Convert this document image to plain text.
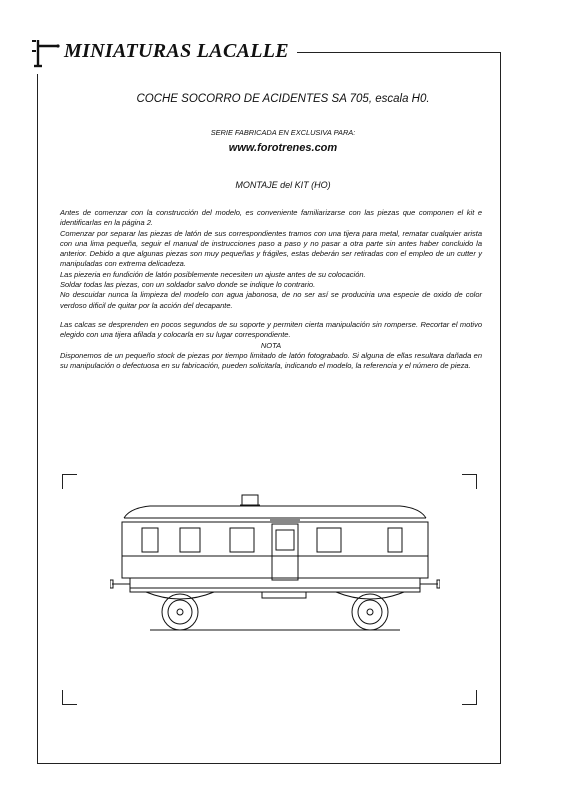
MINIATURAS LACALLE
COCHE SOCORRO DE ACIDENTES SA 705, escala H0.
SERIE FABRICADA EN EXCLUSIVA PARA:
www.forotrenes.com
MONTAJE del KIT (HO)

Antes de comenzar con la construcción del modelo, es conveniente familiarizarse con las piezas que componen el kit e identificarlas en la página 2.

Comenzar por separar las piezas de latón de sus correspondientes tramos con una tijera para metal, rematar cualquier arista con una lima pequeña, seguir el manual de instrucciones paso a paso y no pasar a otra parte sin antes haber concluido la anterior. Debido a que algunas piezas son muy pequeñas y frágiles, estas deberán ser retiradas con el empleo de un cutter y manipuladas con extrema delicadeza.

Las piezeria en fundición de latón posiblemente necesiten un ajuste antes de su colocación.

Soldar todas las piezas, con un soldador salvo donde se indique lo contrario.

No descuidar nunca la limpieza del modelo con agua jabonosa, de no ser así se produciria una especie de oxido de color verdoso dificil de quitar por la acción del decapante.

Las calcas se desprenden en pocos segundos de su soporte y permiten cierta manipulación sin romperse. Recortar el motivo elegido con una tijera afilada y colocarla en su lugar correspondiente.

NOTA

Disponemos de un pequeño stock de piezas por tiempo limitado de latón fotograbado. Si alguna de ellas resultara dañada en su manipulación o defectuosa en su fabricación, pueden solicitarla, indicando el modelo, la referencia y el número de pieza.
